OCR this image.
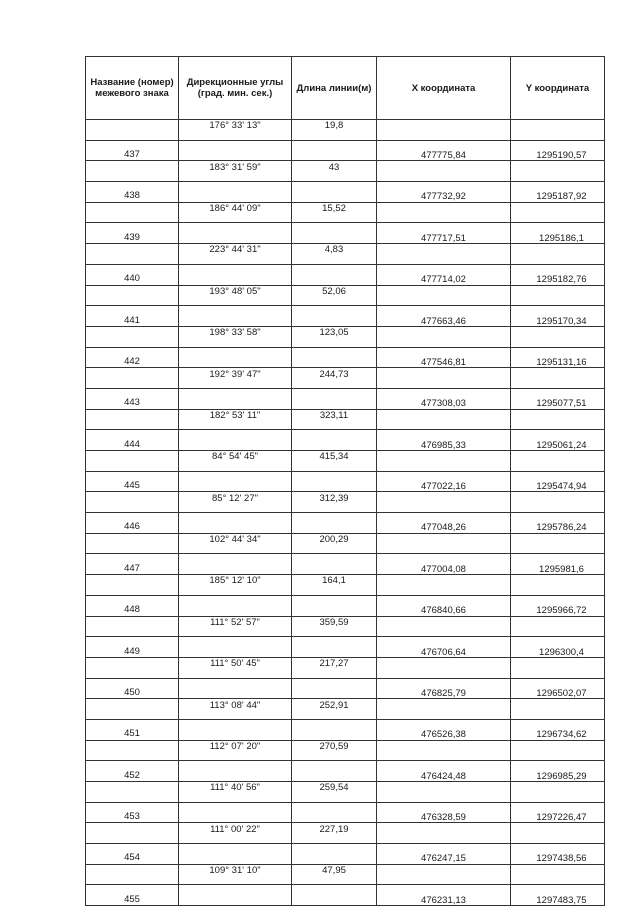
Название (номер) межевого знака	Дирекционные углы (град. мин. сек.)	Длина линии(м)	X координата	Y координата
	176° 33' 13"	19,8		
437			477775,84	1295190,57
	183° 31' 59"	43		
438			477732,92	1295187,92
	186° 44' 09"	15,52		
439			477717,51	1295186,1
	223° 44' 31"	4,83		
440			477714,02	1295182,76
	193° 48' 05"	52,06		
441			477663,46	1295170,34
	198° 33' 58"	123,05		
442			477546,81	1295131,16
	192° 39' 47"	244,73		
443			477308,03	1295077,51
	182° 53' 11"	323,11		
444			476985,33	1295061,24
	84° 54' 45"	415,34		
445			477022,16	1295474,94
	85° 12' 27"	312,39		
446			477048,26	1295786,24
	102° 44' 34"	200,29		
447			477004,08	1295981,6
	185° 12' 10"	164,1		
448			476840,66	1295966,72
	111° 52' 57"	359,59		
449			476706,64	1296300,4
	111° 50' 45"	217,27		
450			476825,79	1296502,07
	113° 08' 44"	252,91		
451			476526,38	1296734,62
	112° 07' 20"	270,59		
452			476424,48	1296985,29
	111° 40' 56"	259,54		
453			476328,59	1297226,47
	111° 00' 22"	227,19		
454			476247,15	1297438,56
	109° 31' 10"	47,95		
455			476231,13	1297483,75
